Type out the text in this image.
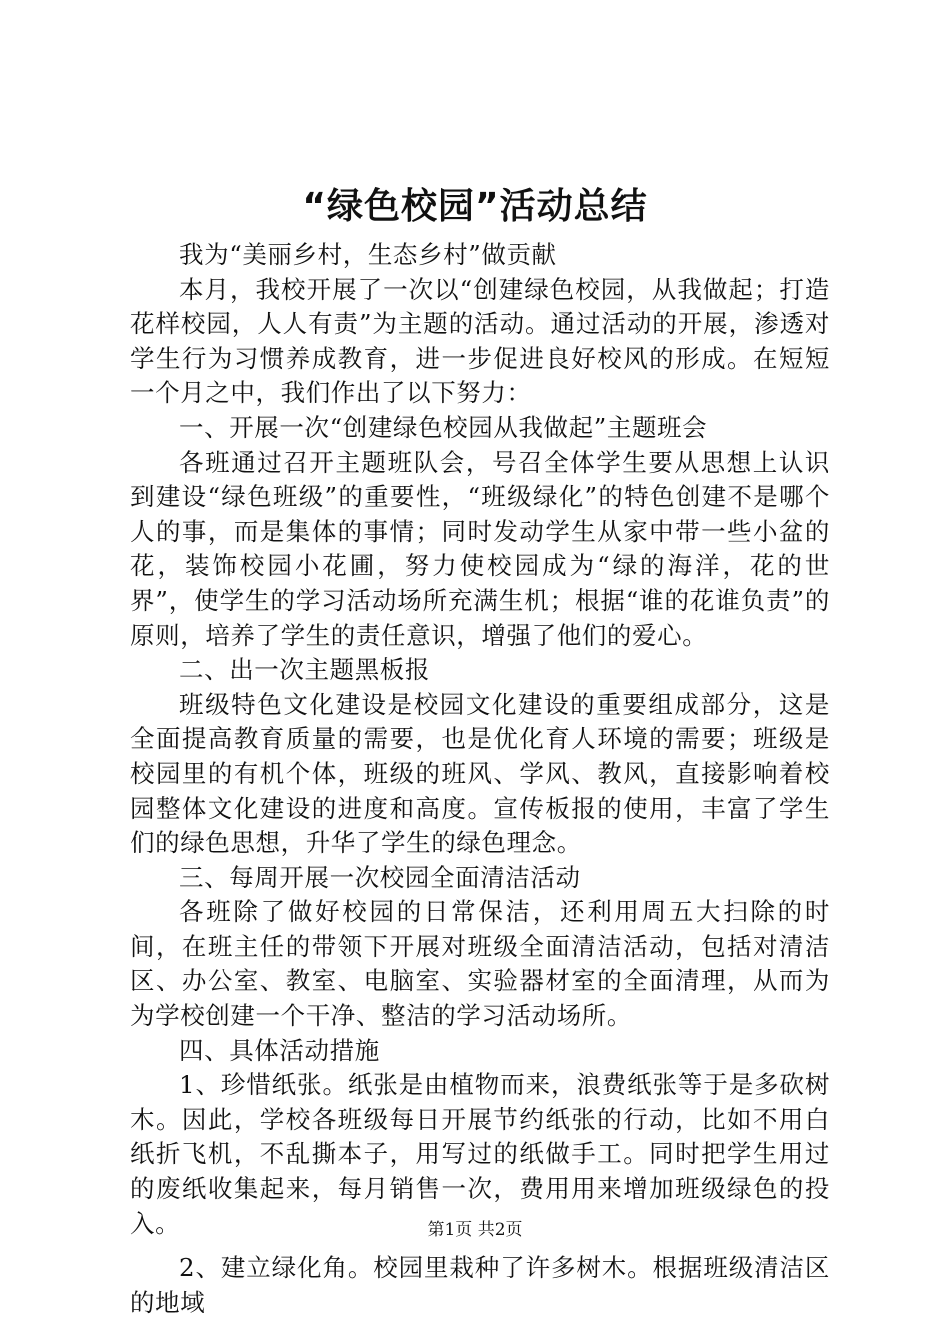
“绿色校园”活动总结

我为“美丽乡村，生态乡村”做贡献

本月，我校开展了一次以“创建绿色校园，从我做起；打造花样校园，人人有责”为主题的活动。通过活动的开展，渗透对学生行为习惯养成教育，进一步促进良好校风的形成。在短短一个月之中，我们作出了以下努力：

一、开展一次“创建绿色校园从我做起”主题班会

各班通过召开主题班队会，号召全体学生要从思想上认识到建设“绿色班级”的重要性，“班级绿化”的特色创建不是哪个人的事，而是集体的事情；同时发动学生从家中带一些小盆的花，装饰校园小花圃，努力使校园成为“绿的海洋，花的世界”，使学生的学习活动场所充满生机；根据“谁的花谁负责”的原则，培养了学生的责任意识，增强了他们的爱心。

二、出一次主题黑板报

班级特色文化建设是校园文化建设的重要组成部分，这是全面提高教育质量的需要，也是优化育人环境的需要；班级是校园里的有机个体，班级的班风、学风、教风，直接影响着校园整体文化建设的进度和高度。宣传板报的使用，丰富了学生们的绿色思想，升华了学生的绿色理念。

三、每周开展一次校园全面清洁活动

各班除了做好校园的日常保洁，还利用周五大扫除的时间，在班主任的带领下开展对班级全面清洁活动，包括对清洁区、办公室、教室、电脑室、实验器材室的全面清理，从而为为学校创建一个干净、整洁的学习活动场所。

四、具体活动措施

1、珍惜纸张。纸张是由植物而来，浪费纸张等于是多砍树木。因此，学校各班级每日开展节约纸张的行动，比如不用白纸折飞机，不乱撕本子，用写过的纸做手工。同时把学生用过的废纸收集起来，每月销售一次，费用用来增加班级绿色的投入。

2、建立绿化角。校园里栽种了许多树木。根据班级清洁区的地域

第1页 共2页
